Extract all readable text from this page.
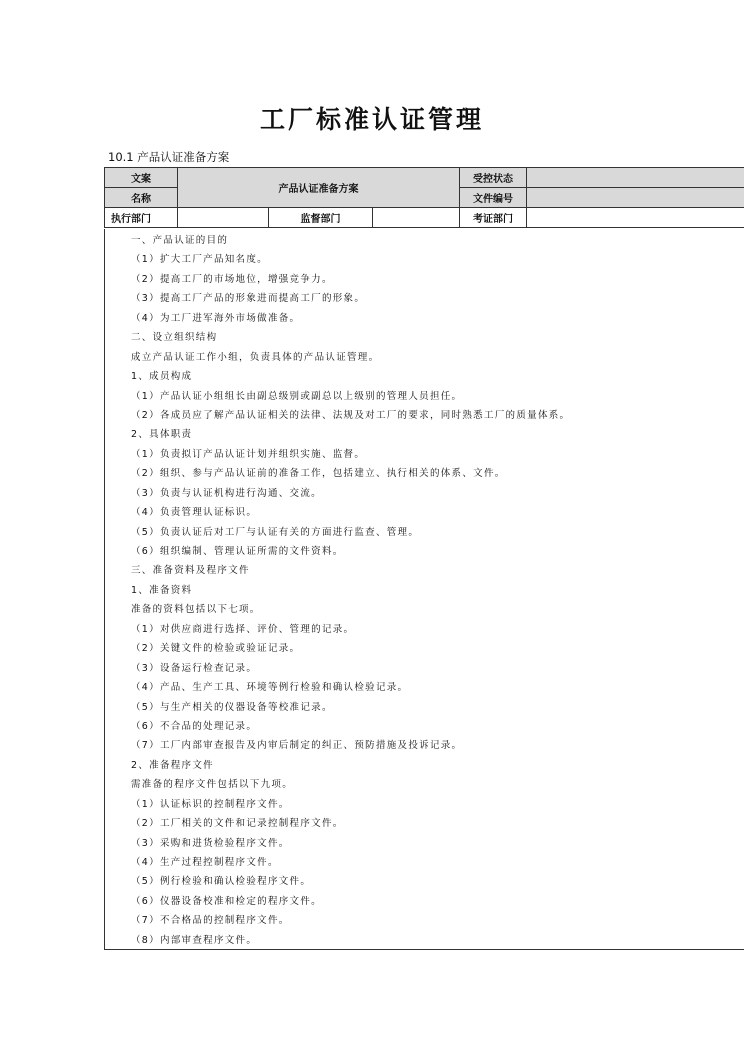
工厂标准认证管理

10.1 产品认证准备方案

文案	产品认证准备方案			受控状态	
名称				文件编号	
执行部门		监督部门		考证部门	
一、产品认证的目的
（1）扩大工厂产品知名度。
（2）提高工厂的市场地位，增强竞争力。
（3）提高工厂产品的形象进而提高工厂的形象。
（4）为工厂进军海外市场做准备。
二、设立组织结构
成立产品认证工作小组，负责具体的产品认证管理。
1、成员构成
（1）产品认证小组组长由副总级别或副总以上级别的管理人员担任。
（2）各成员应了解产品认证相关的法律、法规及对工厂的要求，同时熟悉工厂的质量体系。
2、具体职责
（1）负责拟订产品认证计划并组织实施、监督。
（2）组织、参与产品认证前的准备工作，包括建立、执行相关的体系、文件。
（3）负责与认证机构进行沟通、交流。
（4）负责管理认证标识。
（5）负责认证后对工厂与认证有关的方面进行监查、管理。
（6）组织编制、管理认证所需的文件资料。
三、准备资料及程序文件
1、准备资料
准备的资料包括以下七项。
（1）对供应商进行选择、评价、管理的记录。
（2）关键文件的检验或验证记录。
（3）设备运行检查记录。
（4）产品、生产工具、环境等例行检验和确认检验记录。
（5）与生产相关的仪器设备等校准记录。
（6）不合品的处理记录。
（7）工厂内部审查报告及内审后制定的纠正、预防措施及投诉记录。
2、准备程序文件
需准备的程序文件包括以下九项。
（1）认证标识的控制程序文件。
（2）工厂相关的文件和记录控制程序文件。
（3）采购和进货检验程序文件。
（4）生产过程控制程序文件。
（5）例行检验和确认检验程序文件。
（6）仪器设备校准和检定的程序文件。
（7）不合格品的控制程序文件。
（8）内部审查程序文件。
